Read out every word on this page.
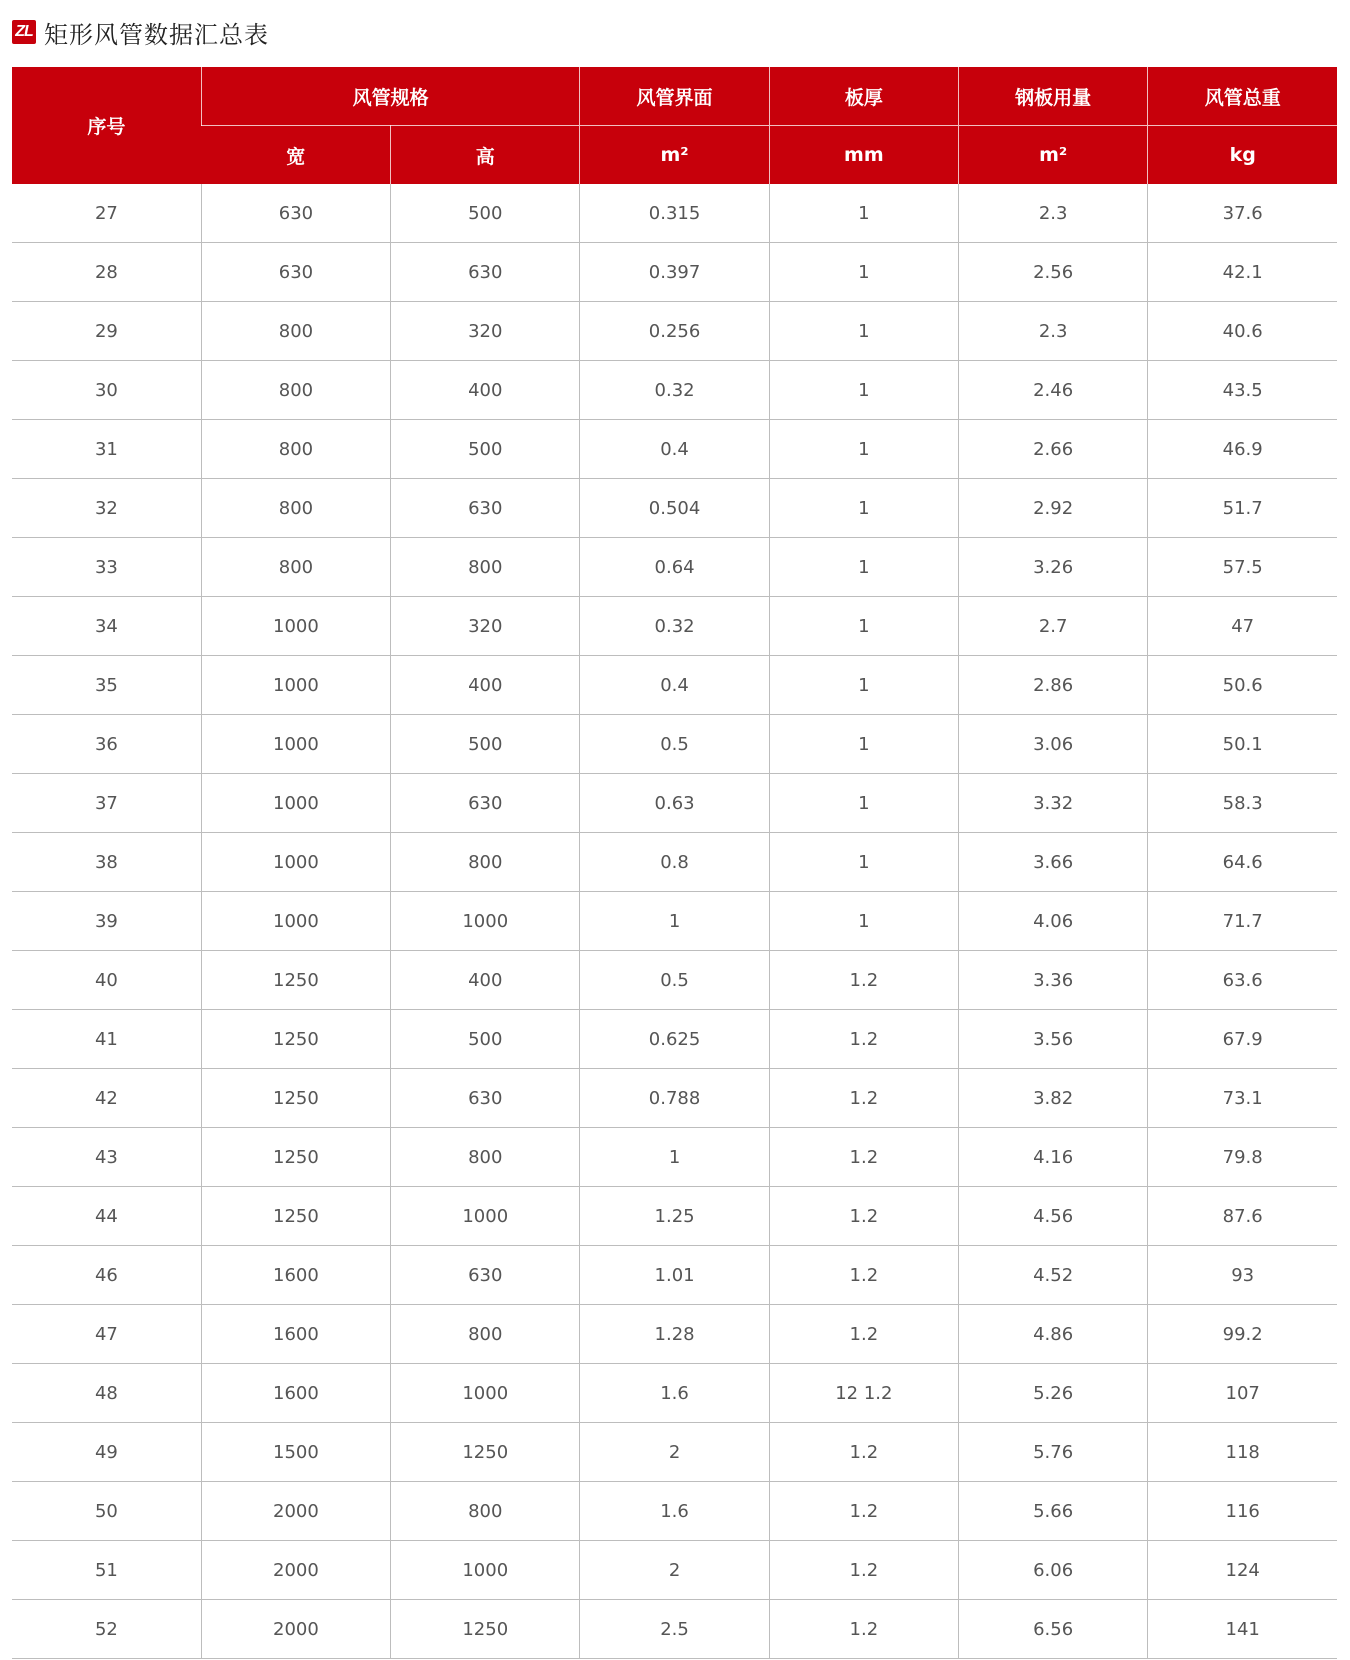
ZL 矩形风管数据汇总表
序号	风管规格		风管界面	板厚	钢板用量	风管总重
	宽	高	m²	mm	m²	kg
27	630	500	0.315	1	2.3	37.6
28	630	630	0.397	1	2.56	42.1
29	800	320	0.256	1	2.3	40.6
30	800	400	0.32	1	2.46	43.5
31	800	500	0.4	1	2.66	46.9
32	800	630	0.504	1	2.92	51.7
33	800	800	0.64	1	3.26	57.5
34	1000	320	0.32	1	2.7	47
35	1000	400	0.4	1	2.86	50.6
36	1000	500	0.5	1	3.06	50.1
37	1000	630	0.63	1	3.32	58.3
38	1000	800	0.8	1	3.66	64.6
39	1000	1000	1	1	4.06	71.7
40	1250	400	0.5	1.2	3.36	63.6
41	1250	500	0.625	1.2	3.56	67.9
42	1250	630	0.788	1.2	3.82	73.1
43	1250	800	1	1.2	4.16	79.8
44	1250	1000	1.25	1.2	4.56	87.6
46	1600	630	1.01	1.2	4.52	93
47	1600	800	1.28	1.2	4.86	99.2
48	1600	1000	1.6	12 1.2	5.26	107
49	1500	1250	2	1.2	5.76	118
50	2000	800	1.6	1.2	5.66	116
51	2000	1000	2	1.2	6.06	124
52	2000	1250	2.5	1.2	6.56	141
